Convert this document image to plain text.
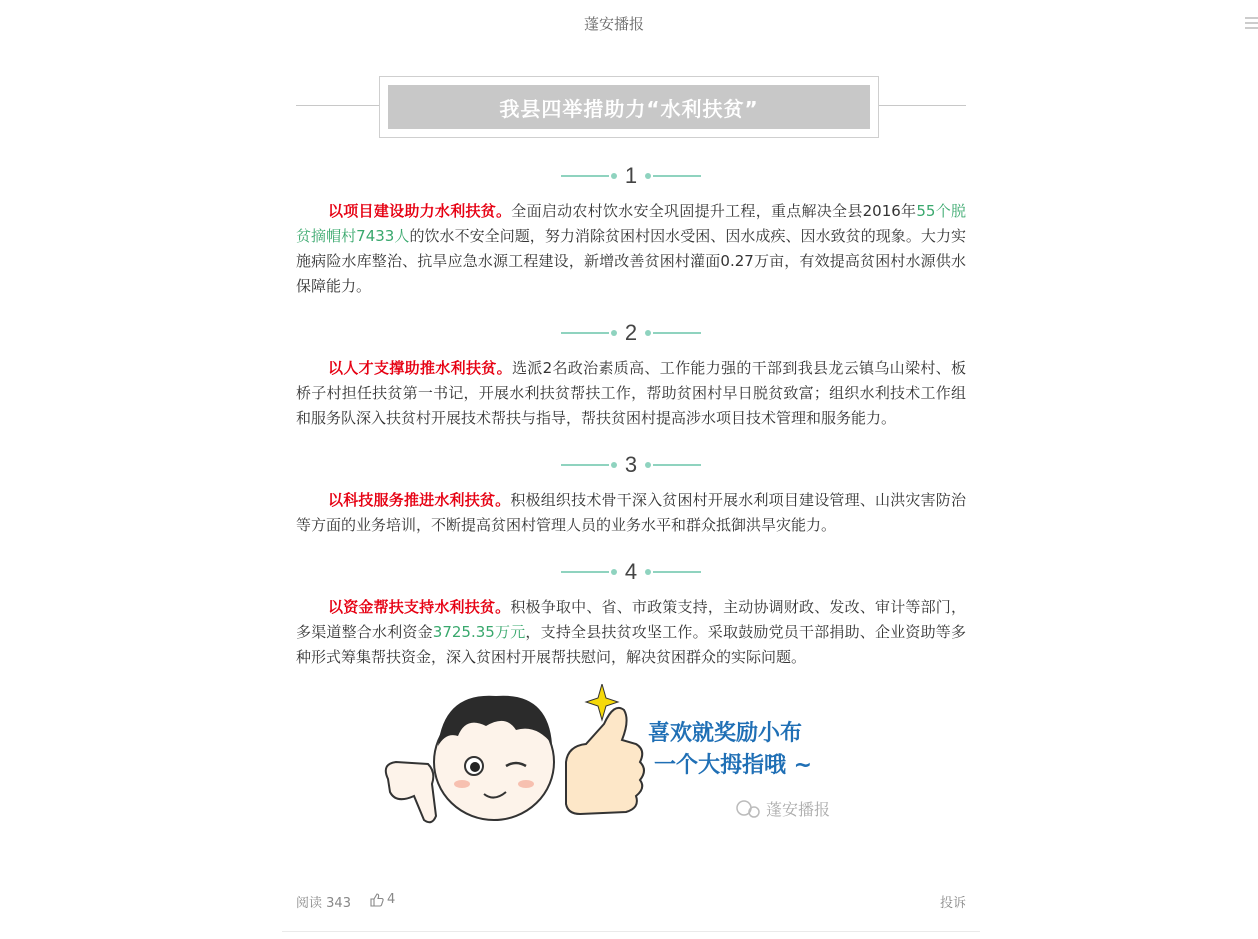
蓬安播报
我县四举措助力“水利扶贫”
1

以项目建设助力水利扶贫。全面启动农村饮水安全巩固提升工程，重点解决全县2016年55个脱贫摘帽村7433人的饮水不安全问题，努力消除贫困村因水受困、因水成疾、因水致贫的现象。大力实施病险水库整治、抗旱应急水源工程建设，新增改善贫困村灌面0.27万亩，有效提高贫困村水源供水保障能力。

2

以人才支撑助推水利扶贫。选派2名政治素质高、工作能力强的干部到我县龙云镇乌山梁村、板桥子村担任扶贫第一书记，开展水利扶贫帮扶工作，帮助贫困村早日脱贫致富；组织水利技术工作组和服务队深入扶贫村开展技术帮扶与指导，帮扶贫困村提高涉水项目技术管理和服务能力。

3

以科技服务推进水利扶贫。积极组织技术骨干深入贫困村开展水利项目建设管理、山洪灾害防治等方面的业务培训，不断提高贫困村管理人员的业务水平和群众抵御洪旱灾能力。

4

以资金帮扶支持水利扶贫。积极争取中、省、市政策支持，主动协调财政、发改、审计等部门，多渠道整合水利资金3725.35万元，支持全县扶贫攻坚工作。采取鼓励党员干部捐助、企业资助等多种形式筹集帮扶资金，深入贫困村开展帮扶慰问，解决贫困群众的实际问题。

喜欢就奖励小布
一个大拇指哦 ~
蓬安播报
阅读 343	4	投诉
